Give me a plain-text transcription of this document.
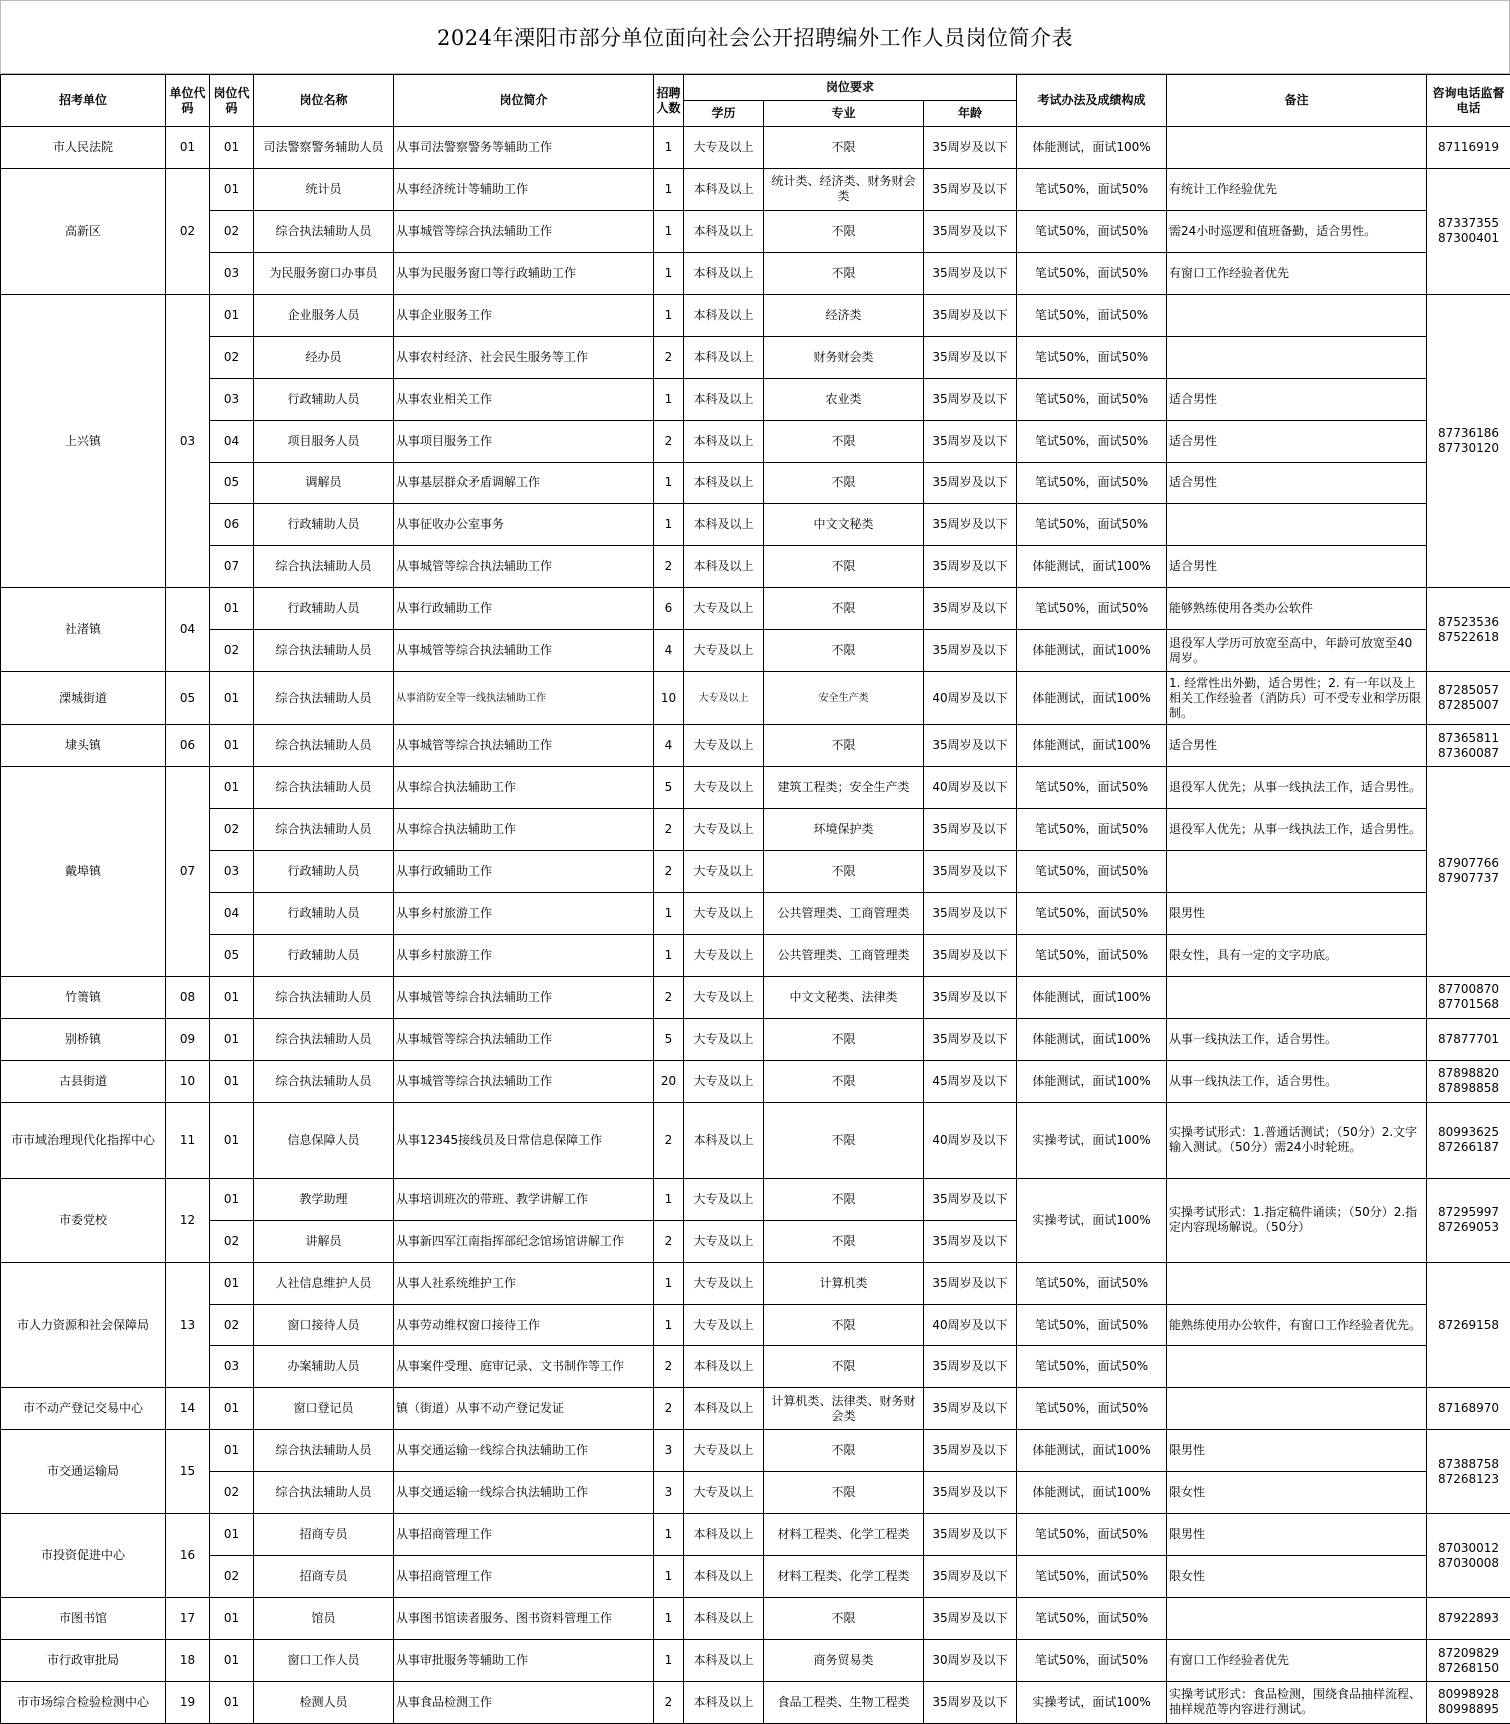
2024年溧阳市部分单位面向社会公开招聘编外工作人员岗位简介表
招考单位	单位代码	岗位代码	岗位名称	岗位简介	招聘人数	岗位要求			考试办法及成绩构成	备注	咨询电话监督电话
						学历	专业	年龄			
市人民法院	01	01	司法警察警务辅助人员	从事司法警察警务等辅助工作	1	大专及以上	不限	35周岁及以下	体能测试，面试100%		87116919
高新区	02	01	统计员	从事经济统计等辅助工作	1	本科及以上	统计类、经济类、财务财会类	35周岁及以下	笔试50%，面试50%	有统计工作经验优先	87337355 87300401
		02	综合执法辅助人员	从事城管等综合执法辅助工作	1	本科及以上	不限	35周岁及以下	笔试50%，面试50%	需24小时巡逻和值班备勤，适合男性。	
		03	为民服务窗口办事员	从事为民服务窗口等行政辅助工作	1	本科及以上	不限	35周岁及以下	笔试50%，面试50%	有窗口工作经验者优先	
上兴镇	03	01	企业服务人员	从事企业服务工作	1	本科及以上	经济类	35周岁及以下	笔试50%，面试50%		87736186 87730120
		02	经办员	从事农村经济、社会民生服务等工作	2	本科及以上	财务财会类	35周岁及以下	笔试50%，面试50%		
		03	行政辅助人员	从事农业相关工作	1	本科及以上	农业类	35周岁及以下	笔试50%，面试50%	适合男性	
		04	项目服务人员	从事项目服务工作	2	本科及以上	不限	35周岁及以下	笔试50%，面试50%	适合男性	
		05	调解员	从事基层群众矛盾调解工作	1	本科及以上	不限	35周岁及以下	笔试50%，面试50%	适合男性	
		06	行政辅助人员	从事征收办公室事务	1	本科及以上	中文文秘类	35周岁及以下	笔试50%，面试50%		
		07	综合执法辅助人员	从事城管等综合执法辅助工作	2	本科及以上	不限	35周岁及以下	体能测试，面试100%	适合男性	
社渚镇	04	01	行政辅助人员	从事行政辅助工作	6	大专及以上	不限	35周岁及以下	笔试50%，面试50%	能够熟练使用各类办公软件	87523536 87522618
		02	综合执法辅助人员	从事城管等综合执法辅助工作	4	大专及以上	不限	35周岁及以下	体能测试，面试100%	退役军人学历可放宽至高中，年龄可放宽至40周岁。	
溧城街道	05	01	综合执法辅助人员	从事消防安全等一线执法辅助工作	10	大专及以上	安全生产类	40周岁及以下	体能测试，面试100%	1. 经常性出外勤，适合男性；2. 有一年以及上相关工作经验者（消防兵）可不受专业和学历限制。	87285057 87285007
埭头镇	06	01	综合执法辅助人员	从事城管等综合执法辅助工作	4	大专及以上	不限	35周岁及以下	体能测试，面试100%	适合男性	87365811 87360087
戴埠镇	07	01	综合执法辅助人员	从事综合执法辅助工作	5	大专及以上	建筑工程类；安全生产类	40周岁及以下	笔试50%，面试50%	退役军人优先；从事一线执法工作，适合男性。	87907766 87907737
		02	综合执法辅助人员	从事综合执法辅助工作	2	大专及以上	环境保护类	35周岁及以下	笔试50%，面试50%	退役军人优先；从事一线执法工作，适合男性。	
		03	行政辅助人员	从事行政辅助工作	2	大专及以上	不限	35周岁及以下	笔试50%，面试50%		
		04	行政辅助人员	从事乡村旅游工作	1	大专及以上	公共管理类、工商管理类	35周岁及以下	笔试50%，面试50%	限男性	
		05	行政辅助人员	从事乡村旅游工作	1	大专及以上	公共管理类、工商管理类	35周岁及以下	笔试50%，面试50%	限女性，具有一定的文字功底。	
竹箦镇	08	01	综合执法辅助人员	从事城管等综合执法辅助工作	2	大专及以上	中文文秘类、法律类	35周岁及以下	体能测试，面试100%		87700870 87701568
别桥镇	09	01	综合执法辅助人员	从事城管等综合执法辅助工作	5	大专及以上	不限	35周岁及以下	体能测试，面试100%	从事一线执法工作，适合男性。	87877701
古县街道	10	01	综合执法辅助人员	从事城管等综合执法辅助工作	20	大专及以上	不限	45周岁及以下	体能测试，面试100%	从事一线执法工作，适合男性。	87898820 87898858
市市域治理现代化指挥中心	11	01	信息保障人员	从事12345接线员及日常信息保障工作	2	本科及以上	不限	40周岁及以下	实操考试，面试100%	实操考试形式：1.普通话测试；（50分）2.文字输入测试。（50分）需24小时轮班。	80993625 87266187
市委党校	12	01	教学助理	从事培训班次的带班、教学讲解工作	1	大专及以上	不限	35周岁及以下	实操考试，面试100%	实操考试形式：1.指定稿件诵读；（50分）2.指定内容现场解说。（50分）	87295997 87269053
		02	讲解员	从事新四军江南指挥部纪念馆场馆讲解工作	2	大专及以上	不限	35周岁及以下			
市人力资源和社会保障局	13	01	人社信息维护人员	从事人社系统维护工作	1	大专及以上	计算机类	35周岁及以下	笔试50%，面试50%		87269158
		02	窗口接待人员	从事劳动维权窗口接待工作	1	大专及以上	不限	40周岁及以下	笔试50%，面试50%	能熟练使用办公软件，有窗口工作经验者优先。	
		03	办案辅助人员	从事案件受理、庭审记录、文书制作等工作	2	本科及以上	不限	35周岁及以下	笔试50%，面试50%		
市不动产登记交易中心	14	01	窗口登记员	镇（街道）从事不动产登记发证	2	本科及以上	计算机类、法律类、财务财会类	35周岁及以下	笔试50%，面试50%		87168970
市交通运输局	15	01	综合执法辅助人员	从事交通运输一线综合执法辅助工作	3	大专及以上	不限	35周岁及以下	体能测试，面试100%	限男性	87388758 87268123
		02	综合执法辅助人员	从事交通运输一线综合执法辅助工作	3	大专及以上	不限	35周岁及以下	体能测试，面试100%	限女性	
市投资促进中心	16	01	招商专员	从事招商管理工作	1	本科及以上	材料工程类、化学工程类	35周岁及以下	笔试50%，面试50%	限男性	87030012 87030008
		02	招商专员	从事招商管理工作	1	本科及以上	材料工程类、化学工程类	35周岁及以下	笔试50%，面试50%	限女性	
市图书馆	17	01	馆员	从事图书馆读者服务、图书资料管理工作	1	本科及以上	不限	35周岁及以下	笔试50%，面试50%		87922893
市行政审批局	18	01	窗口工作人员	从事审批服务等辅助工作	1	本科及以上	商务贸易类	30周岁及以下	笔试50%，面试50%	有窗口工作经验者优先	87209829 87268150
市市场综合检验检测中心	19	01	检测人员	从事食品检测工作	2	本科及以上	食品工程类、生物工程类	35周岁及以下	实操考试，面试100%	实操考试形式：食品检测，围绕食品抽样流程、抽样规范等内容进行测试。	80998928 80998895
